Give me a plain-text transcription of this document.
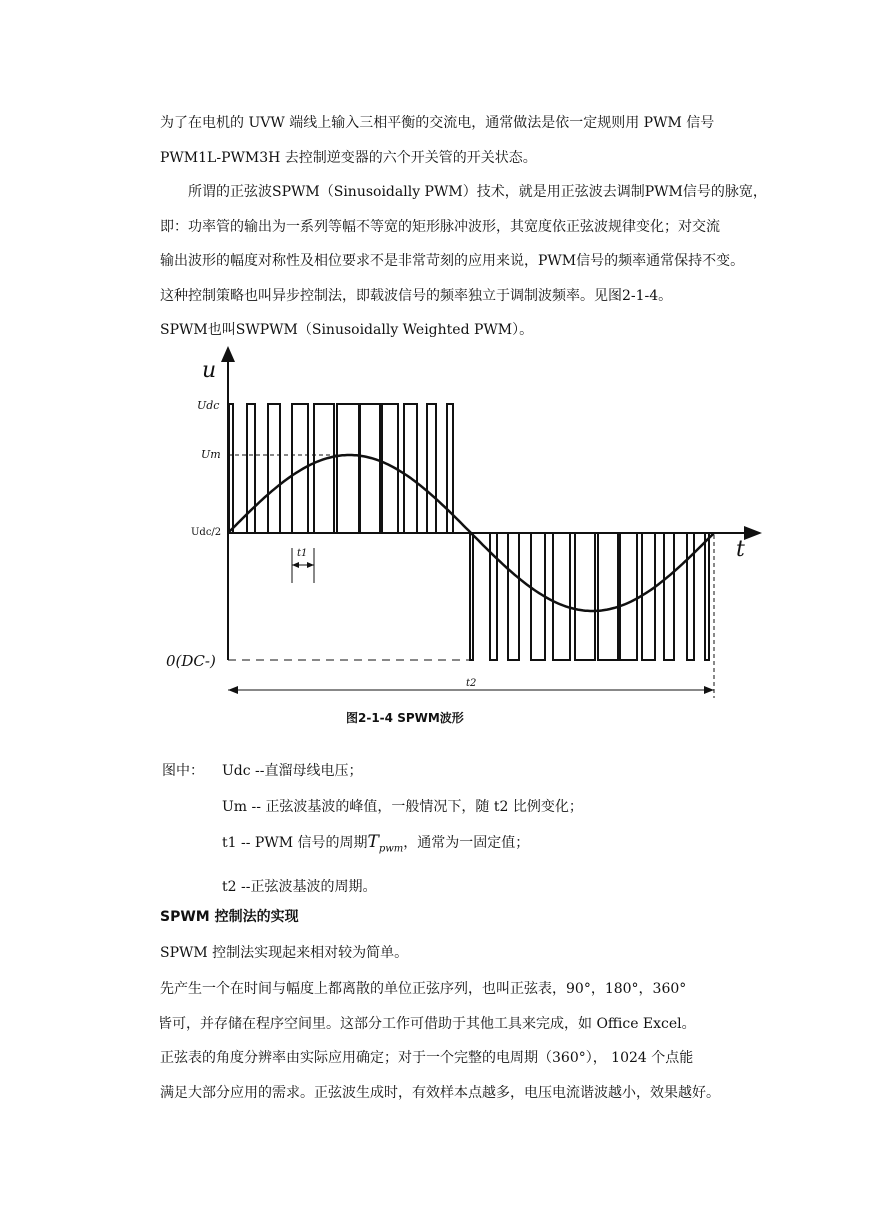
为了在电机的 UVW 端线上输入三相平衡的交流电，通常做法是依一定规则用 PWM 信号
PWM1L-PWM3H 去控制逆变器的六个开关管的开关状态。
所谓的正弦波SPWM（Sinusoidally PWM）技术，就是用正弦波去调制PWM信号的脉宽，
即：功率管的输出为一系列等幅不等宽的矩形脉冲波形，其宽度依正弦波规律变化；对交流
输出波形的幅度对称性及相位要求不是非常苛刻的应用来说，PWM信号的频率通常保持不变。
这种控制策略也叫异步控制法，即载波信号的频率独立于调制波频率。见图2-1-4。
SPWM也叫SWPWM（Sinusoidally Weighted PWM）。
u
t
Udc
Um
Udc/2
0(DC-)
t1
t2
图2-1-4 SPWM波形
图中： Udc --直溜母线电压；
Um -- 正弦波基波的峰值，一般情况下，随 t2 比例变化；
t1 -- PWM 信号的周期$T_{pwm}$，通常为一固定值；
t2 --正弦波基波的周期。
SPWM 控制法的实现
SPWM 控制法实现起来相对较为简单。
先产生一个在时间与幅度上都离散的单位正弦序列，也叫正弦表，90°，180°，360°
皆可，并存储在程序空间里。这部分工作可借助于其他工具来完成，如 Office Excel。
正弦表的角度分辨率由实际应用确定；对于一个完整的电周期（360°）， 1024 个点能
满足大部分应用的需求。正弦波生成时，有效样本点越多，电压电流谐波越小，效果越好。
